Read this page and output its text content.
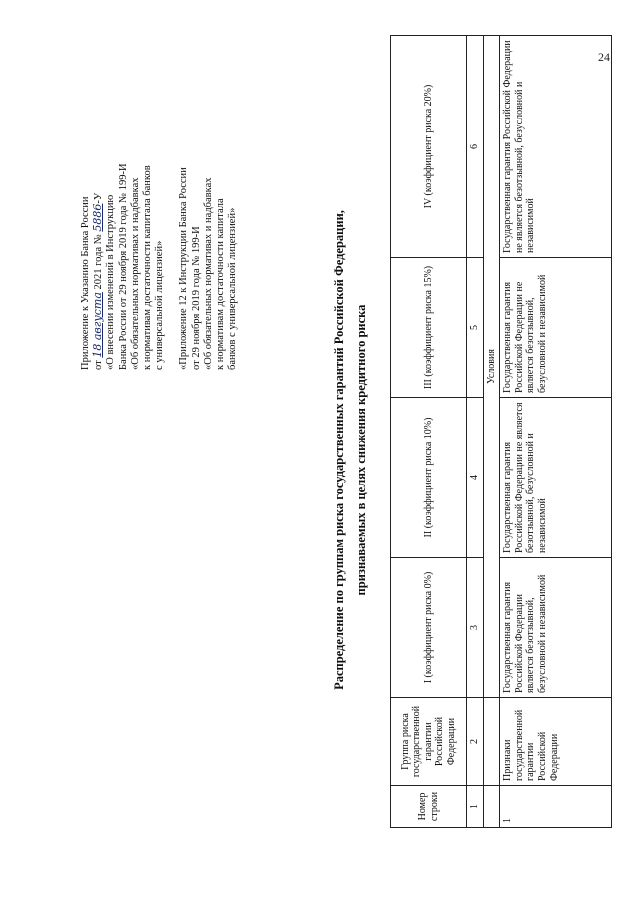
24

Приложение к Указанию Банка России от 18 августа 2021 года № 5886-У «О внесении изменений в Инструкцию Банка России от 29 ноября 2019 года № 199-И «Об обязательных нормативах и надбавках к нормативам достаточности капитала банков с универсальной лицензией» «Приложение 12 к Инструкции Банка России от 29 ноября 2019 года № 199-И «Об обязательных нормативах и надбавках к нормативам достаточности капитала банков с универсальной лицензией»	Распределение по группам риска государственных гарантий Российской Федерации, признаваемых в целях снижения кредитного риска

Номер строки	Группа риска государственной гарантии Российской Федерации	I (коэффициент риска 0%)	II (коэффициент риска 10%)	III (коэффициент риска 15%)	IV (коэффициент риска 20%)
1	2	3	4	5	6
		Условия			
1	Признаки государственной гарантии Российской Федерации	Государственная гарантия Российской Федерации является безотзывной, безусловной и независимой	Государственная гарантия Российской Федерации не является безотзывной, безусловной и независимой	Государственная гарантия Российской Федерации не является безотзывной, безусловной и независимой	Государственная гарантия Российской Федерации не является безотзывной, безусловной и независимой
